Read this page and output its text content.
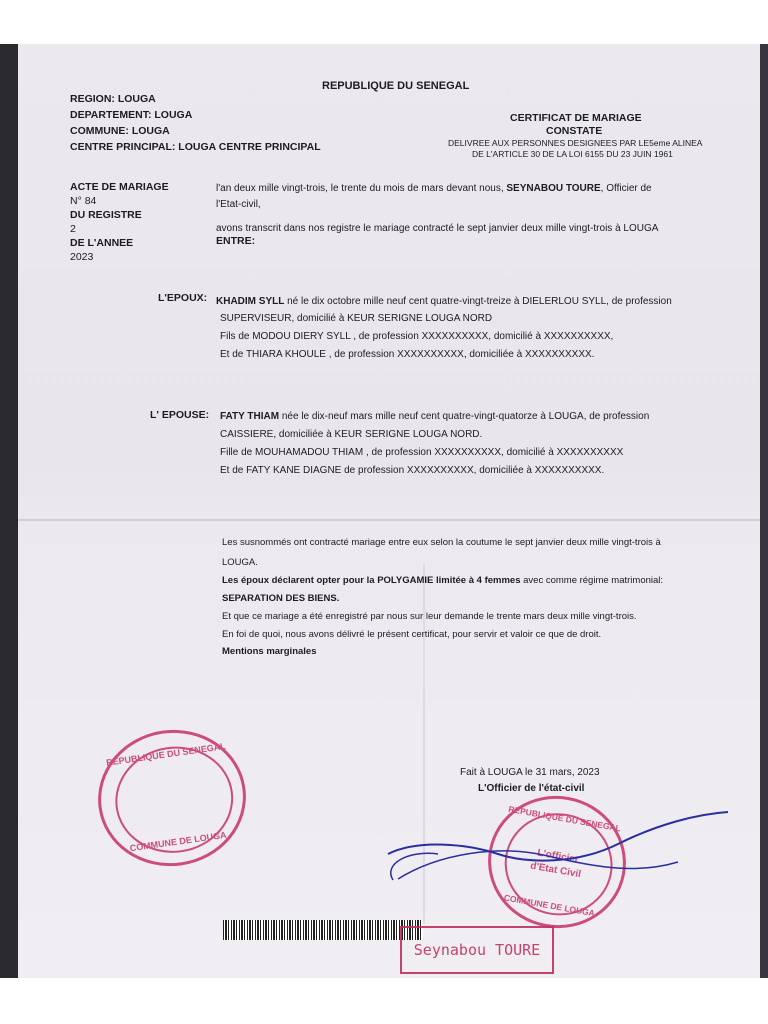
REPUBLIQUE DU SENEGAL
REGION: LOUGA
DEPARTEMENT: LOUGA
COMMUNE: LOUGA
CENTRE PRINCIPAL: LOUGA CENTRE PRINCIPAL
CERTIFICAT DE MARIAGE
CONSTATE
DELIVREE AUX PERSONNES DESIGNEES PAR LE5eme ALINEA
DE L'ARTICLE 30 DE LA LOI 6155 DU 23 JUIN 1961
ACTE DE MARIAGE
N° 84
DU REGISTRE
2
DE L'ANNEE
2023
l'an deux mille vingt-trois, le trente du mois de mars devant nous, SEYNABOU TOURE, Officier de
l'Etat-civil,
avons transcrit dans nos registre le mariage contracté le sept janvier deux mille vingt-trois à LOUGA
ENTRE:
L'EPOUX: KHADIM SYLL né le dix octobre mille neuf cent quatre-vingt-treize à DIELERLOU SYLL, de profession
SUPERVISEUR, domicilié à KEUR SERIGNE LOUGA NORD
Fils de MODOU DIERY SYLL , de profession XXXXXXXXXX, domicilié à XXXXXXXXXX,
Et de THIARA KHOULE , de profession XXXXXXXXXX, domiciliée à XXXXXXXXXX.
L' EPOUSE: FATY THIAM née le dix-neuf mars mille neuf cent quatre-vingt-quatorze à LOUGA, de profession
CAISSIERE, domiciliée à KEUR SERIGNE LOUGA NORD.
Fille de MOUHAMADOU THIAM , de profession XXXXXXXXXX, domicilié à XXXXXXXXXX
Et de FATY KANE DIAGNE de profession XXXXXXXXXX, domiciliée à XXXXXXXXXX.
Les susnommés ont contracté mariage entre eux selon la coutume le sept janvier deux mille vingt-trois à
LOUGA.
Les époux déclarent opter pour la POLYGAMIE limitée à 4 femmes avec comme régime matrimonial:
SEPARATION DES BIENS.
Et que ce mariage a été enregistré par nous sur leur demande le trente mars deux mille vingt-trois.
En foi de quoi, nous avons délivré le présent certificat, pour servir et valoir ce que de droit.
Mentions marginales
Fait à LOUGA le 31 mars, 2023
L'Officier de l'état-civil
REPUBLIQUE DU SENEGAL
COMMUNE DE LOUGA
REPUBLIQUE DU SENEGAL
L'officier
d'Etat Civil
COMMUNE DE LOUGA
Seynabou TOURE
